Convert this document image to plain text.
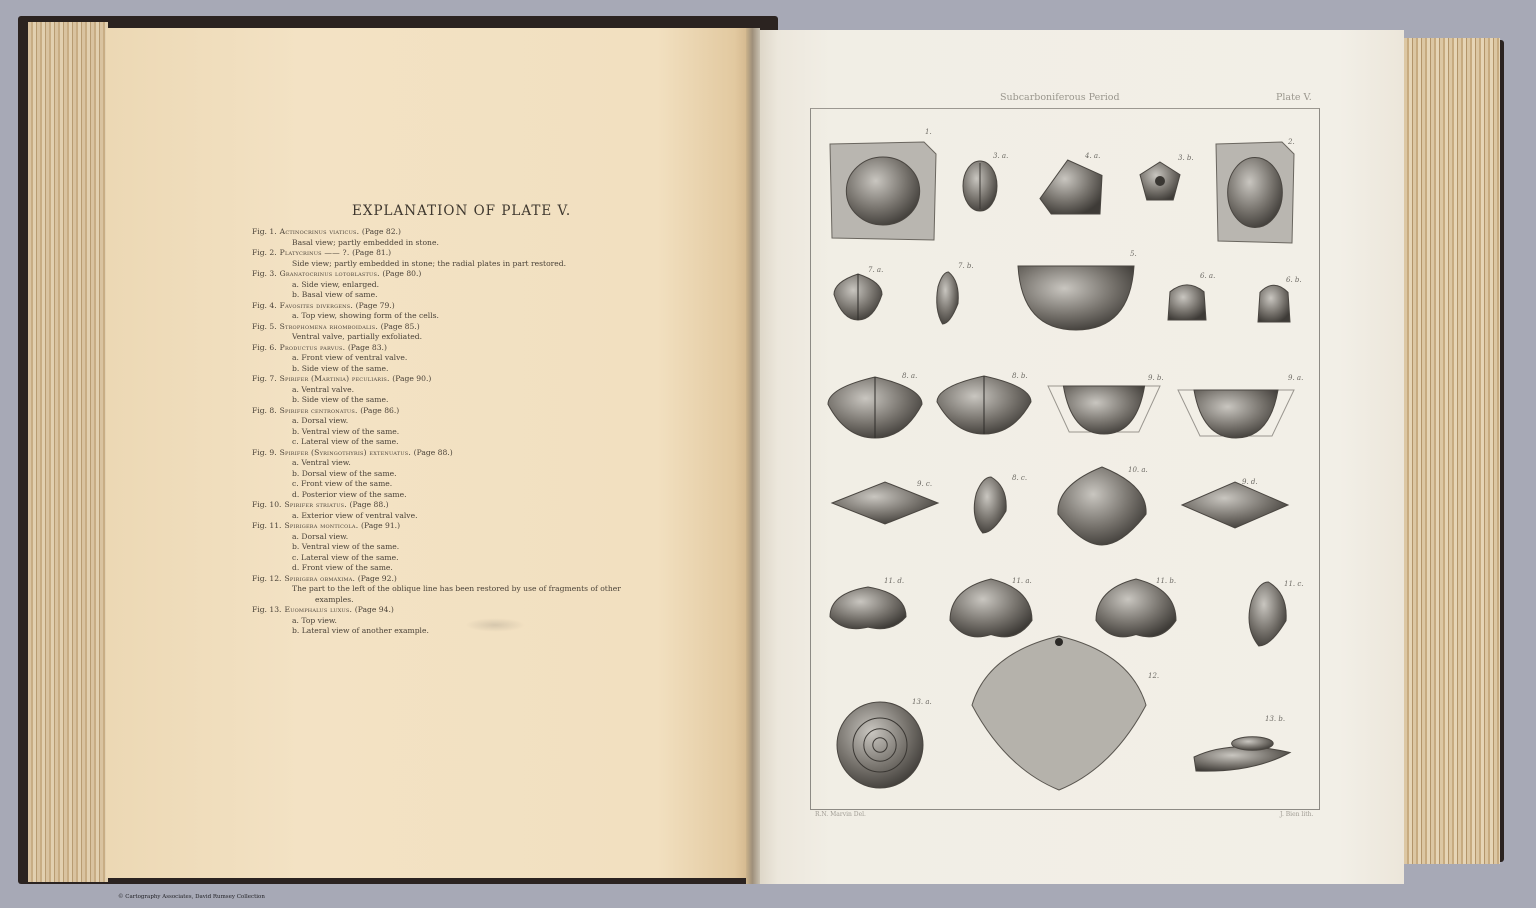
EXPLANATION OF PLATE V.
Fig. 1. Actinocrinus viaticus. (Page 82.)
Basal view; partly embedded in stone.
Fig. 2. Platycrinus —— ?. (Page 81.)
Side view; partly embedded in stone; the radial plates in part restored.
Fig. 3. Granatocrinus lotoblastus. (Page 80.)
a. Side view, enlarged.
b. Basal view of same.
Fig. 4. Favosites divergens. (Page 79.)
a. Top view, showing form of the cells.
Fig. 5. Strophomena rhomboidalis. (Page 85.)
Ventral valve, partially exfoliated.
Fig. 6. Productus parvus. (Page 83.)
a. Front view of ventral valve.
b. Side view of the same.
Fig. 7. Spirifer (Martinia) peculiaris. (Page 90.)
a. Ventral valve.
b. Side view of the same.
Fig. 8. Spirifer centronatus. (Page 86.)
a. Dorsal view.
b. Ventral view of the same.
c. Lateral view of the same.
Fig. 9. Spirifer (Syringothyris) extenuatus. (Page 88.)
a. Ventral view.
b. Dorsal view of the same.
c. Front view of the same.
d. Posterior view of the same.
Fig. 10. Spirifer striatus. (Page 88.)
a. Exterior view of ventral valve.
Fig. 11. Spirigera monticola. (Page 91.)
a. Dorsal view.
b. Ventral view of the same.
c. Lateral view of the same.
d. Front view of the same.
Fig. 12. Spirigera obmaxima. (Page 92.)
The part to the left of the oblique line has been restored by use of fragments of other
examples.
Fig. 13. Euomphalus luxus. (Page 94.)
a. Top view.
b. Lateral view of another example.
Subcarboniferous Period	Plate V.
1.
3. a.	4. a.	3. b.
2.
7. a.	7. b.
5.
6. a.	6. b.
8. a.	8. b.	9. b.	9. a.
9. c.
8. c.
10. a.
9. d.
11. d.	11. a.	11. b.	11. c.
12.
13. a.
13. b.
R.N. Marvin Del.	J. Bien lith.
© Cartography Associates, David Rumsey Collection
